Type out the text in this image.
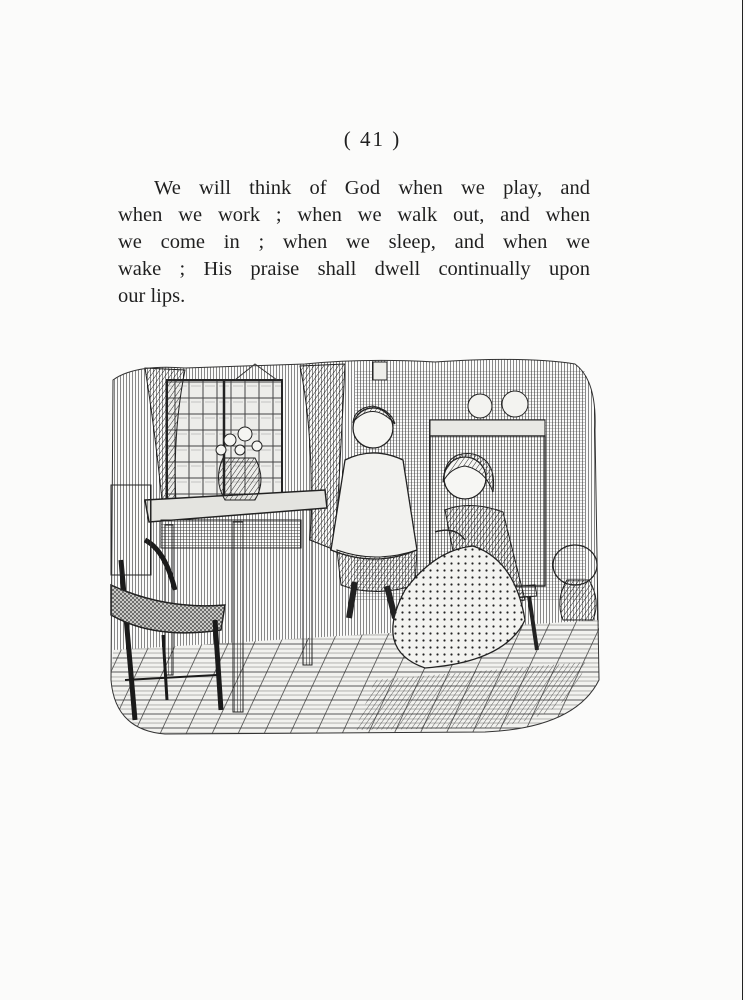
( 41 )
We will think of God when we play, and
when we work ; when we walk out, and when
we come in ; when we sleep, and when we
wake ; His praise shall dwell continually upon
our lips.
